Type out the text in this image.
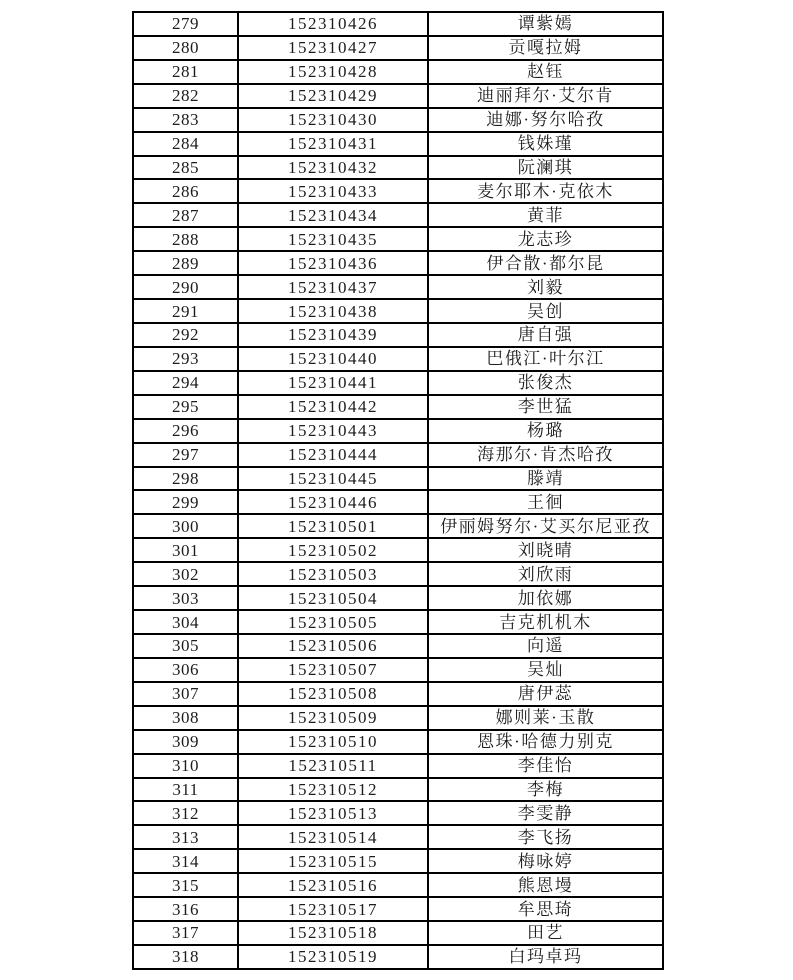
279	152310426	谭紫嫣
280	152310427	贡嘎拉姆
281	152310428	赵钰
282	152310429	迪丽拜尔·艾尔肯
283	152310430	迪娜·努尔哈孜
284	152310431	钱姝瑾
285	152310432	阮澜琪
286	152310433	麦尔耶木·克依木
287	152310434	黄菲
288	152310435	龙志珍
289	152310436	伊合散·都尔昆
290	152310437	刘毅
291	152310438	吴创
292	152310439	唐自强
293	152310440	巴俄江·叶尔江
294	152310441	张俊杰
295	152310442	李世猛
296	152310443	杨璐
297	152310444	海那尔·肯杰哈孜
298	152310445	滕靖
299	152310446	王徊
300	152310501	伊丽姆努尔·艾买尔尼亚孜
301	152310502	刘晓晴
302	152310503	刘欣雨
303	152310504	加依娜
304	152310505	吉克机机木
305	152310506	向遥
306	152310507	吴灿
307	152310508	唐伊蕊
308	152310509	娜则莱·玉散
309	152310510	恩珠·哈德力别克
310	152310511	李佳怡
311	152310512	李梅
312	152310513	李雯静
313	152310514	李飞扬
314	152310515	梅咏婷
315	152310516	熊恩墁
316	152310517	牟思琦
317	152310518	田艺
318	152310519	白玛卓玛
